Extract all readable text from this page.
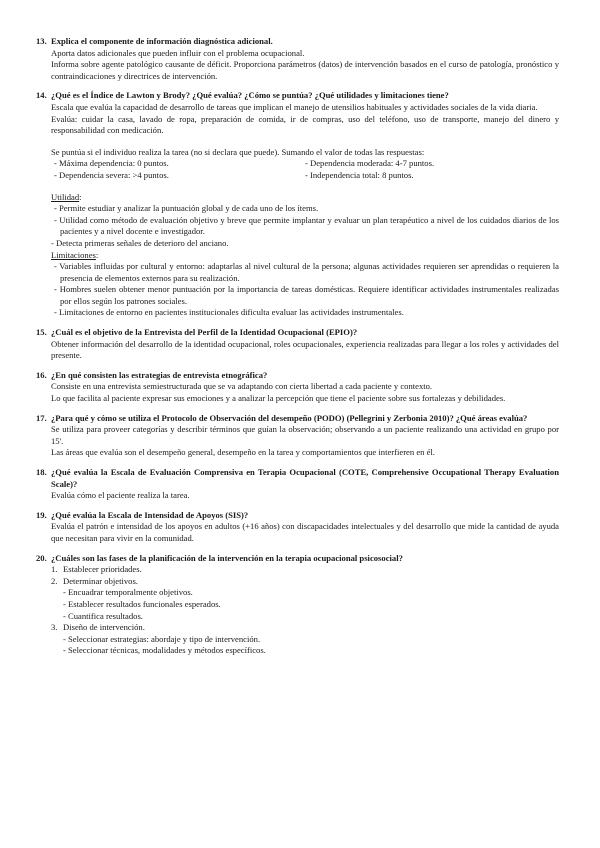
13. Explica el componente de información diagnóstica adicional.

Aporta datos adicionales que pueden influir con el problema ocupacional.

Informa sobre agente patológico causante de déficit. Proporciona parámetros (datos) de intervención basados en el curso de patología, pronóstico y contraindicaciones y directrices de intervención.

14. ¿Qué es el Índice de Lawton y Brody? ¿Qué evalúa? ¿Cómo se puntúa? ¿Qué utilidades y limitaciones tiene?

Escala que evalúa la capacidad de desarrollo de tareas que implican el manejo de utensilios habituales y actividades sociales de la vida diaria.

Evalúa: cuidar la casa, lavado de ropa, preparación de comida, ir de compras, uso del teléfono, uso de transporte, manejo del dinero y responsabilidad con medicación.

Se puntúa si el individuo realiza la tarea (no si declara que puede). Sumando el valor de todas las respuestas:

- Máxima dependencia: 0 puntos.
- Dependencia severa: >4 puntos.
- Dependencia moderada: 4-7 puntos.
- Independencia total: 8 puntos.
Utilidad:
- Permite estudiar y analizar la puntuación global y de cada uno de los ítems.
- Utilidad como método de evaluación objetivo y breve que permite implantar y evaluar un plan terapéutico a nivel de los cuidados diarios de los pacientes y a nivel docente e investigador.
- Detecta primeras señales de deterioro del anciano.
Limitaciones:
- Variables influidas por cultural y entorno: adaptarlas al nivel cultural de la persona; algunas actividades requieren ser aprendidas o requieren la presencia de elementos externos para su realización.
- Hombres suelen obtener menor puntuación por la importancia de tareas domésticas. Requiere identificar actividades instrumentales realizadas por ellos según los patrones sociales.
- Limitaciones de entorno en pacientes institucionales dificulta evaluar las actividades instrumentales.
15. ¿Cuál es el objetivo de la Entrevista del Perfil de la Identidad Ocupacional (EPIO)?

Obtener información del desarrollo de la identidad ocupacional, roles ocupacionales, experiencia realizadas para llegar a los roles y actividades del presente.

16. ¿En qué consisten las estrategias de entrevista etnográfica?

Consiste en una entrevista semiestructurada que se va adaptando con cierta libertad a cada paciente y contexto.

Lo que facilita al paciente expresar sus emociones y a analizar la percepción que tiene el paciente sobre sus fortalezas y debilidades.

17. ¿Para qué y cómo se utiliza el Protocolo de Observación del desempeño (PODO) (Pellegrini y Zerbonia 2010)? ¿Qué áreas evalúa?

Se utiliza para proveer categorías y describir términos que guían la observación; observando a un paciente realizando una actividad en grupo por 15'.

Las áreas que evalúa son el desempeño general, desempeño en la tarea y comportamientos que interfieren en él.

18. ¿Qué evalúa la Escala de Evaluación Comprensiva en Terapia Ocupacional (COTE, Comprehensive Occupational Therapy Evaluation Scale)?

Evalúa cómo el paciente realiza la tarea.

19. ¿Qué evalúa la Escala de Intensidad de Apoyos (SIS)?

Evalúa el patrón e intensidad de los apoyos en adultos (+16 años) con discapacidades intelectuales y del desarrollo que mide la cantidad de ayuda que necesitan para vivir en la comunidad.

20. ¿Cuáles son las fases de la planificación de la intervención en la terapia ocupacional psicosocial?
1. Establecer prioridades.
2. Determinar objetivos.
- Encuadrar temporalmente objetivos.
- Establecer resultados funcionales esperados.
- Cuantifica resultados.
3. Diseño de intervención.
- Seleccionar estrategias: abordaje y tipo de intervención.
- Seleccionar técnicas, modalidades y métodos específicos.
